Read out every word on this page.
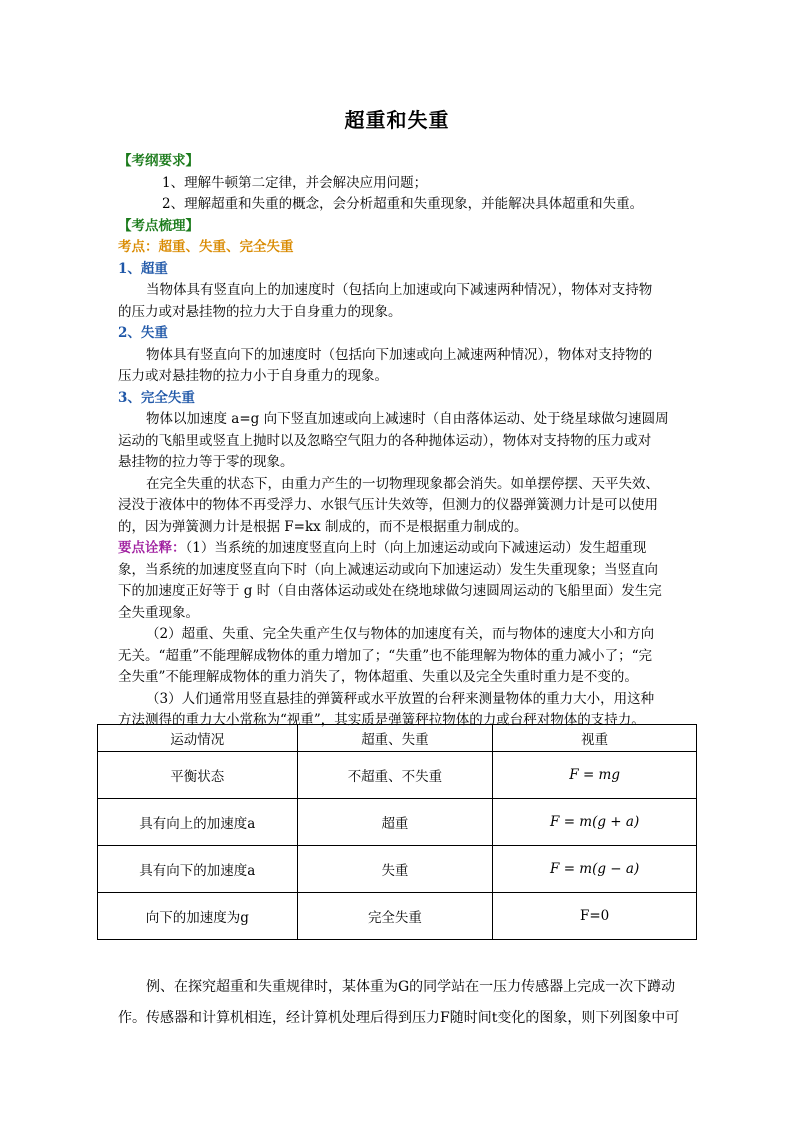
超重和失重
【考纲要求】
1、理解牛顿第二定律，并会解决应用问题；
2、理解超重和失重的概念，会分析超重和失重现象，并能解决具体超重和失重。
【考点梳理】
考点：超重、失重、完全失重
1、超重
当物体具有竖直向上的加速度时（包括向上加速或向下减速两种情况），物体对支持物
的压力或对悬挂物的拉力大于自身重力的现象。
2、失重
物体具有竖直向下的加速度时（包括向下加速或向上减速两种情况），物体对支持物的
压力或对悬挂物的拉力小于自身重力的现象。
3、完全失重
物体以加速度 a=g 向下竖直加速或向上减速时（自由落体运动、处于绕星球做匀速圆周
运动的飞船里或竖直上抛时以及忽略空气阻力的各种抛体运动），物体对支持物的压力或对
悬挂物的拉力等于零的现象。
在完全失重的状态下，由重力产生的一切物理现象都会消失。如单摆停摆、天平失效、
浸没于液体中的物体不再受浮力、水银气压计失效等，但测力的仪器弹簧测力计是可以使用
的，因为弹簧测力计是根据 F=kx 制成的，而不是根据重力制成的。
要点诠释：（1）当系统的加速度竖直向上时（向上加速运动或向下减速运动）发生超重现
象，当系统的加速度竖直向下时（向上减速运动或向下加速运动）发生失重现象；当竖直向
下的加速度正好等于 g 时（自由落体运动或处在绕地球做匀速圆周运动的飞船里面）发生完
全失重现象。
（2）超重、失重、完全失重产生仅与物体的加速度有关，而与物体的速度大小和方向
无关。“超重”不能理解成物体的重力增加了；“失重”也不能理解为物体的重力减小了；“完
全失重”不能理解成物体的重力消失了，物体超重、失重以及完全失重时重力是不变的。
（3）人们通常用竖直悬挂的弹簧秤或水平放置的台秤来测量物体的重力大小，用这种
方法测得的重力大小常称为“视重”，其实质是弹簧秤拉物体的力或台秤对物体的支持力。
运动情况	超重、失重	视重
平衡状态	不超重、不失重	F = mg
具有向上的加速度a	超重	F = m(g + a)
具有向下的加速度a	失重	F = m(g − a)
向下的加速度为g	完全失重	F=0
例、在探究超重和失重规律时，某体重为G的同学站在一压力传感器上完成一次下蹲动
作。传感器和计算机相连，经计算机处理后得到压力F随时间t变化的图象，则下列图象中可
